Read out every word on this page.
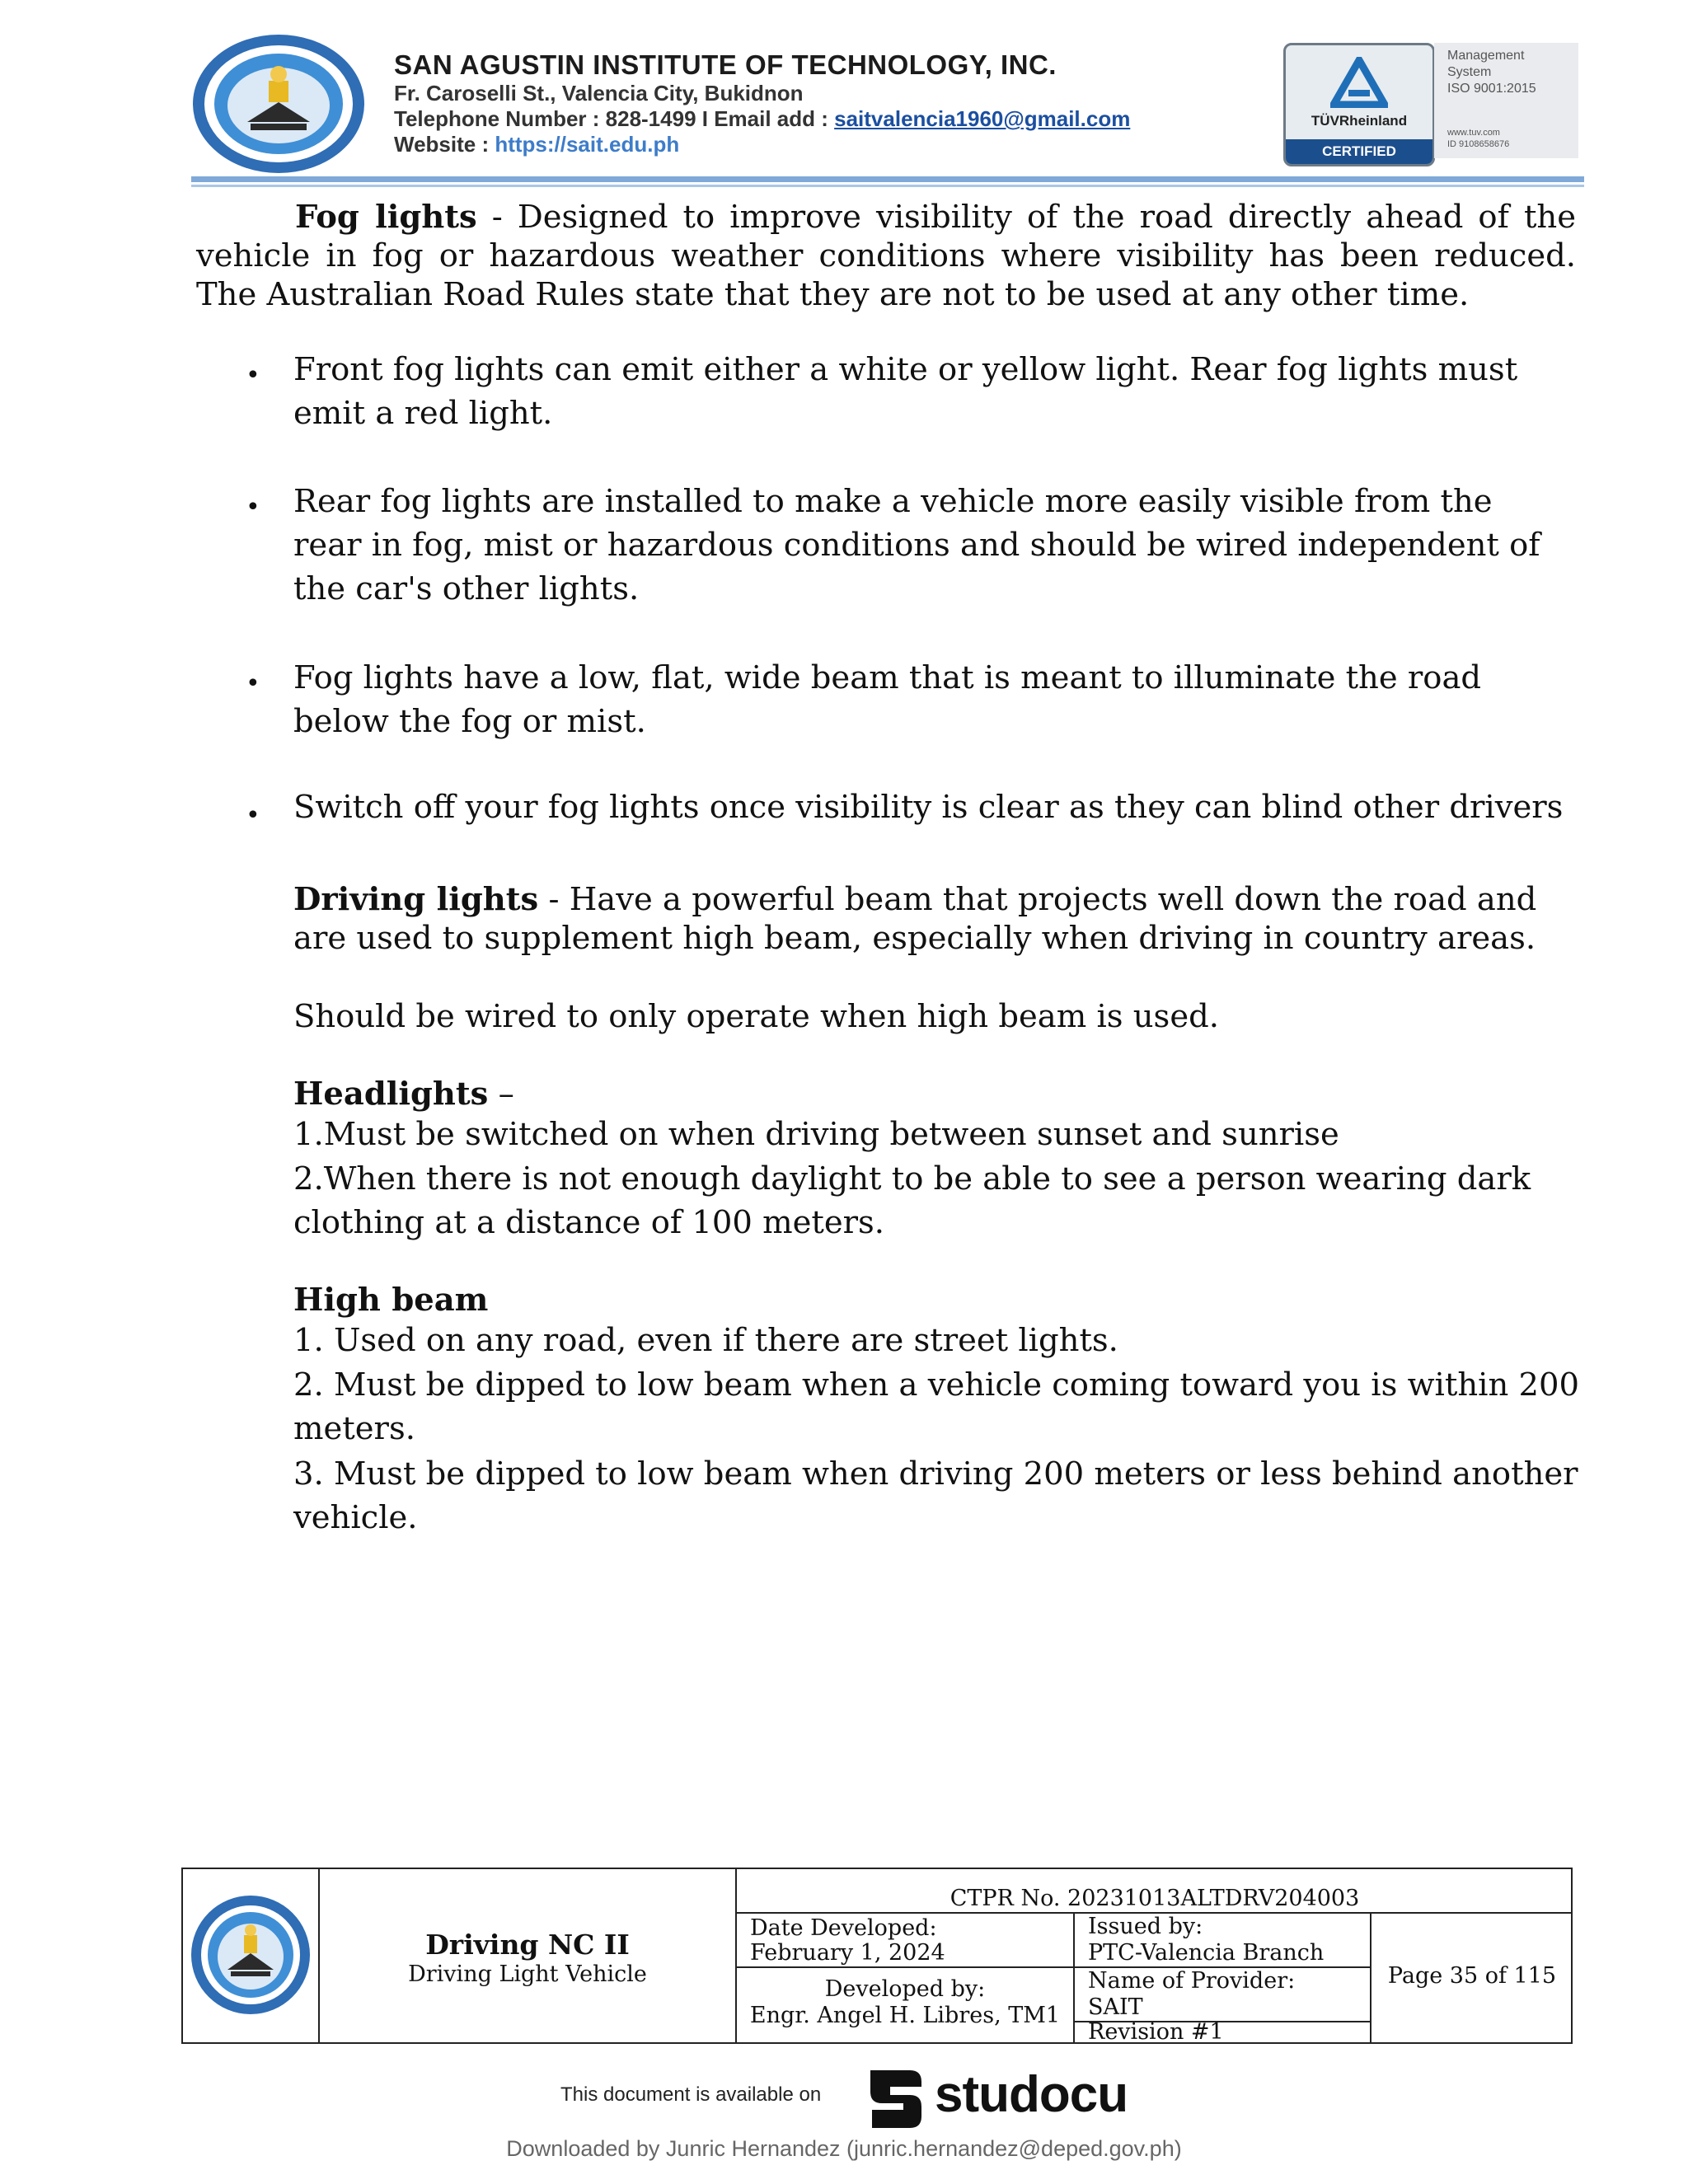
SAN AGUSTIN INSTITUTE OF TECHNOLOGY, INC.
Fr. Caroselli St., Valencia City, Bukidnon
Telephone Number : 828-1499 I Email add : saitvalencia1960@gmail.com
Website : https://sait.edu.ph
TÜVRheinland
CERTIFIED
Management
System
ISO 9001:2015
www.tuv.com
ID 9108658676
Fog lights - Designed to improve visibility of the road directly ahead of the vehicle in fog or hazardous weather conditions where visibility has been reduced. The Australian Road Rules state that they are not to be used at any other time.
• Front fog lights can emit either a white or yellow light. Rear fog lights must emit a red light.
• Rear fog lights are installed to make a vehicle more easily visible from the rear in fog, mist or hazardous conditions and should be wired independent of the car's other lights.
• Fog lights have a low, flat, wide beam that is meant to illuminate the road below the fog or mist.
• Switch off your fog lights once visibility is clear as they can blind other drivers
Driving lights - Have a powerful beam that projects well down the road and are used to supplement high beam, especially when driving in country areas.
Should be wired to only operate when high beam is used.
Headlights –
1.Must be switched on when driving between sunset and sunrise
2.When there is not enough daylight to be able to see a person wearing dark clothing at a distance of 100 meters.
High beam
1. Used on any road, even if there are street lights.
2. Must be dipped to low beam when a vehicle coming toward you is within 200 meters.
3. Must be dipped to low beam when driving 200 meters or less behind another vehicle.
Driving NC II
Driving Light Vehicle
CTPR No. 20231013ALTDRV204003
Date Developed:
February 1, 2024
Developed by:
Engr. Angel H. Libres, TM1
Issued by:
PTC-Valencia Branch
Name of Provider:
SAIT
Revision #1
Page 35 of 115
This document is available on studocu
Downloaded by Junric Hernandez (junric.hernandez@deped.gov.ph)
